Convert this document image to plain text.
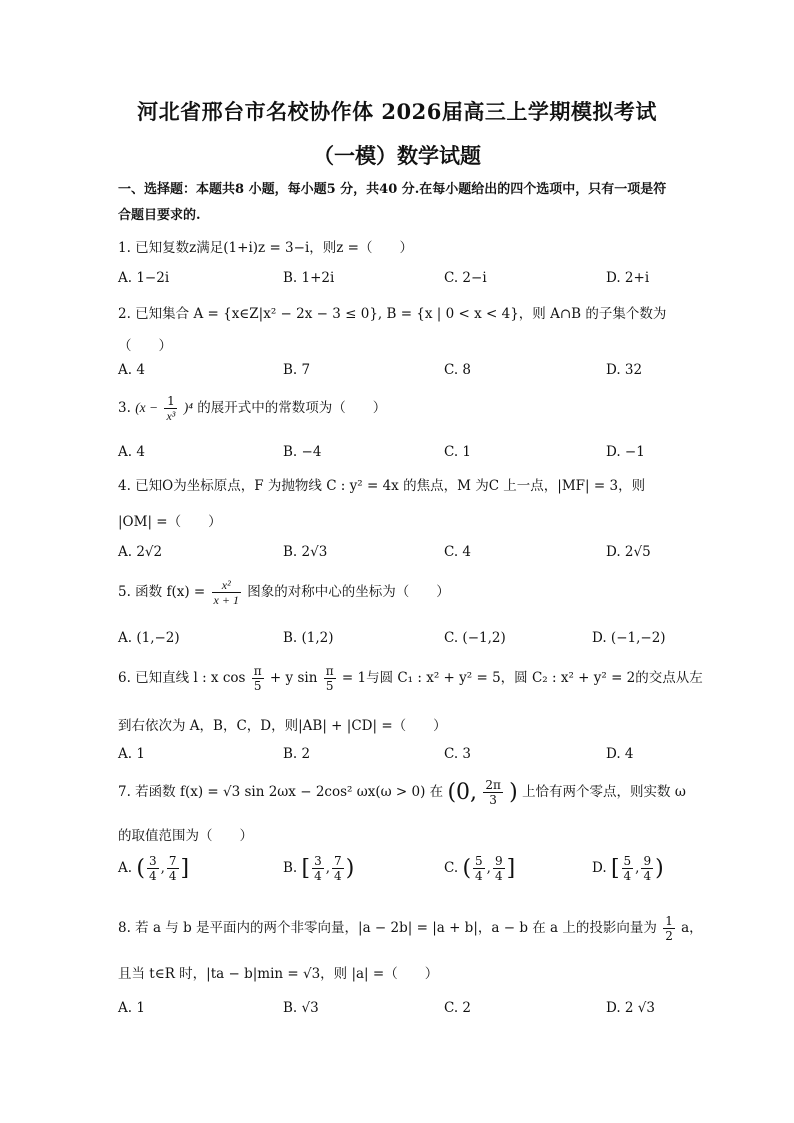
河北省邢台市名校协作体 2026届高三上学期模拟考试
（一模）数学试题
一、选择题：本题共8 小题，每小题5 分，共40 分.在每小题给出的四个选项中，只有一项是符合题目要求的.
1. 已知复数z满足(1+i)z = 3−i，则z =（　　）
A. 1−2i	B. 1+2i	C. 2−i	D. 2+i
2. 已知集合 A = {x∈Z|x² − 2x − 3 ≤ 0}, B = {x | 0 < x < 4}，则 A∩B 的子集个数为
（　　）
A. 4	B. 7	C. 8	D. 32
3. $(x - \frac{1}{\text{x³}} )^4$ 的展开式中的常数项为（　　）
A. 4	B. −4	C. 1	D. −1
4. 已知O为坐标原点，F 为抛物线 C : y² = 4x 的焦点，M 为C 上一点，|MF| = 3，则
|OM| =（　　）
A. 2√2	B. 2√3	C. 4	D. 2√5
5. 函数 $f(x) = \frac{\text{x²}}{x + 1}$ 图象的对称中心的坐标为（　　）
A. (1,−2)	B. (1,2)	C. (−1,2)	D. (−1,−2)
6. 已知直线 l : x $\cos \frac{\pi}{5} + y$ $\sin \frac{\pi}{5} = 1$与圆 C₁ : x² + y² = 5，圆 C₂ : x² + y² = 2的交点从左
到右依次为 A，B，C，D，则|AB| + |CD| =（　　）
A. 1	B. 2	C. 3	D. 4
7. 若函数 f(x) = √3 sin 2ωx − 2cos² ωx(ω > 0) 在 (0, $\frac{2\pi}{3}$ ) 上恰有两个零点，则实数 ω
的取值范围为（　　）
A. ( $\frac{3}{4}$ , $\frac{7}{4}$ ]	B. [ $\frac{3}{4}$ , $\frac{7}{4}$ )	C. ( $\frac{5}{4}$ , $\frac{9}{4}$ ]	D. [ $\frac{5}{4}$ , $\frac{9}{4}$ )
8. 若 a 与 b 是平面内的两个非零向量，|a − 2b| = |a + b|，a − b 在 a 上的投影向量为 $\frac{1}{2}$ a，
且当 t∈R 时，|ta − b|min = √3，则 |a| =（　　）
A. 1	B. √3	C. 2	D. 2 √3
